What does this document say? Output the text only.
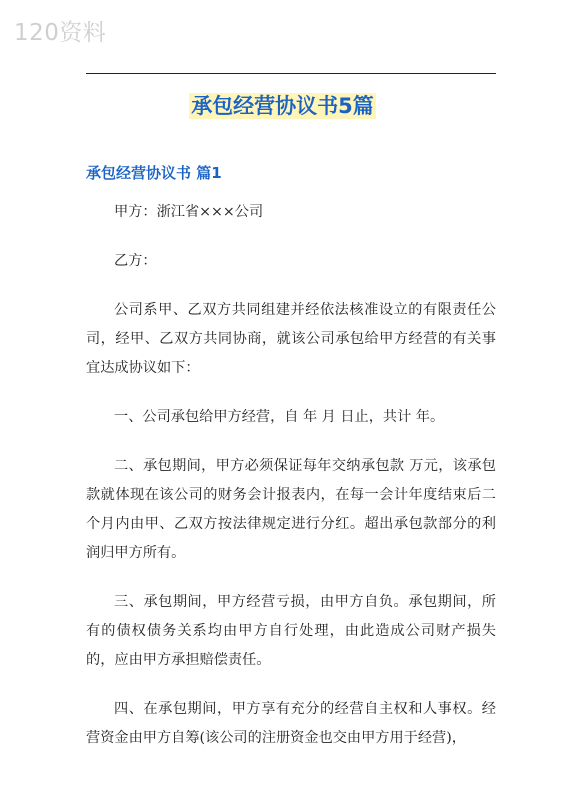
120资料
承包经营协议书5篇
承包经营协议书 篇1

甲方：浙江省×××公司

乙方：

公司系甲、乙双方共同组建并经依法核准设立的有限责任公司，经甲、乙双方共同协商，就该公司承包给甲方经营的有关事宜达成协议如下：

一、公司承包给甲方经营，自 年 月 日止，共计 年。

二、承包期间，甲方必须保证每年交纳承包款 万元，该承包款就体现在该公司的财务会计报表内，在每一会计年度结束后二个月内由甲、乙双方按法律规定进行分红。超出承包款部分的利润归甲方所有。

三、承包期间，甲方经营亏损，由甲方自负。承包期间，所有的债权债务关系均由甲方自行处理，由此造成公司财产损失的，应由甲方承担赔偿责任。

四、在承包期间，甲方享有充分的经营自主权和人事权。经营资金由甲方自筹(该公司的注册资金也交由甲方用于经营)，
